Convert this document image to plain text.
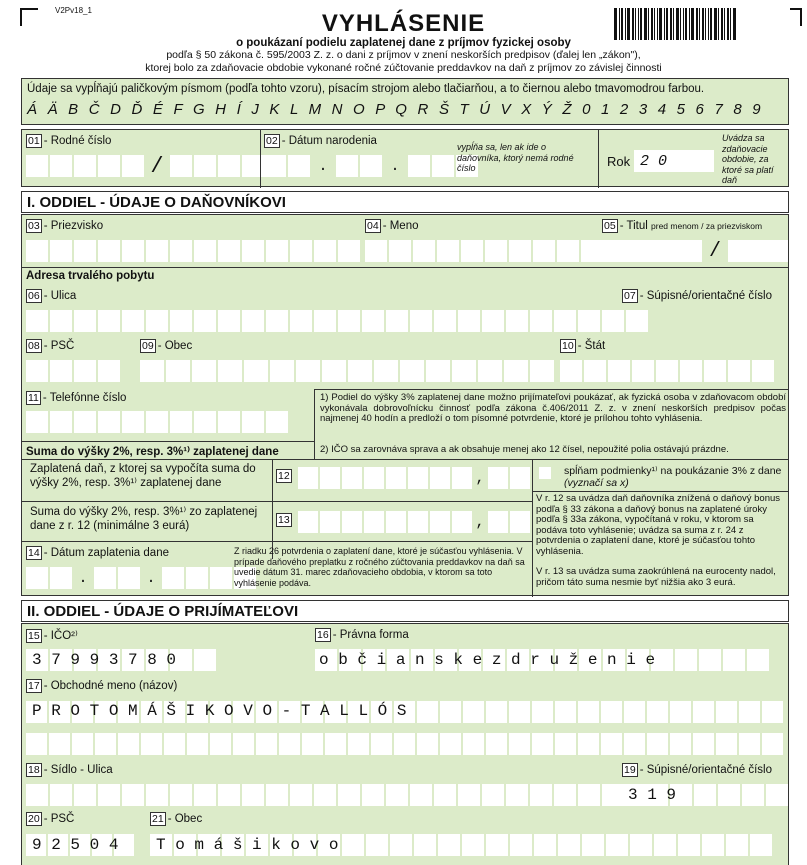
V2Pv18_1	VYHLÁSENIE
o poukázaní podielu zaplatenej dane z príjmov fyzickej osoby
podľa § 50 zákona č. 595/2003 Z. z. o dani z príjmov v znení neskorších predpisov (ďalej len „zákon"),
ktorej bolo za zdaňovacie obdobie vykonané ročné zúčtovanie preddavkov na daň z príjmov zo závislej činnosti
Údaje sa vypĺňajú paličkovým písmom (podľa tohto vzoru), písacím strojom alebo tlačiarňou, a to čiernou alebo tmavomodrou farbou.
Á Ä B Č D Ď É F G H Í J K L M N O P Q R Š T Ú V X Ý Ž 0 1 2 3 4 5 6 7 8 9
01 - Rodné číslo
/
02 - Dátum narodenia
.	.
vypĺňa sa, len ak ide o daňovníka, ktorý nemá rodné číslo	Rok 2 0
Uvádza sa zdaňovacie obdobie, za ktoré sa platí daň
I. ODDIEL - ÚDAJE O DAŇOVNÍKOVI
03 - Priezvisko	04 - Meno	05 - Titul pred menom / za priezviskom
/
Adresa trvalého pobytu
06 - Ulica	07 - Súpisné/orientačné číslo
08 - PSČ	09 - Obec	10 - Štát
11 - Telefónne číslo	1) Podiel do výšky 3% zaplatenej dane možno prijímateľovi poukázať, ak fyzická osoba v zdaňovacom období vykonávala dobrovoľnícku činnosť podľa zákona č.406/2011 Z. z. v znení neskorších predpisov počas najmenej 40 hodín a predloží o tom písomné potvrdenie, ktoré je prílohou tohto vyhlásenia.
2) IČO sa zarovnáva sprava a ak obsahuje menej ako 12 čísel, nepoužité polia ostávajú prázdne.
Suma do výšky 2%, resp. 3%¹⁾ zaplatenej dane
Zaplatená daň, z ktorej sa vypočíta suma do výšky 2%, resp. 3%¹⁾ zaplatenej dane
12	,
Suma do výšky 2%, resp. 3%¹⁾ zo zaplatenej dane z r. 12 (minimálne 3 eurá)	13	,
spĺňam podmienky¹⁾ na poukázanie 3% z dane (vyznačí sa x)
V r. 12 sa uvádza daň daňovníka znížená o daňový bonus podľa § 33 zákona a daňový bonus na zaplatené úroky podľa § 33a zákona, vypočítaná v roku, v ktorom sa podáva toto vyhlásenie; uvádza sa suma z r. 24 z potvrdenia o zaplatení dane, ktoré je súčasťou tohto vyhlásenia.
V r. 13 sa uvádza suma zaokrúhlená na eurocenty nadol, pričom táto suma nesmie byť nižšia ako 3 eurá.
14 - Dátum zaplatenia dane
.	.
Z riadku 26 potvrdenia o zaplatení dane, ktoré je súčasťou vyhlásenia. V prípade daňového preplatku z ročného zúčtovania preddavkov na daň sa uvedie dátum 31. marec zdaňovacieho obdobia, v ktorom sa toto vyhlásenie podáva.
II. ODDIEL - ÚDAJE O PRIJÍMATEĽOVI
15 - IČO²⁾
3 7 9 9 3 7 8 0
16 - Právna forma
o b č i a n s k e z d r u ž e n i e
17 - Obchodné meno (názov)
P R O T O M Á Š I K O V O - T A L L Ó S
18 - Sídlo - Ulica	19 - Súpisné/orientačné číslo
3 1 9
20 - PSČ	21 - Obec
9 2 5 0 4 T o m á š i k o v o
